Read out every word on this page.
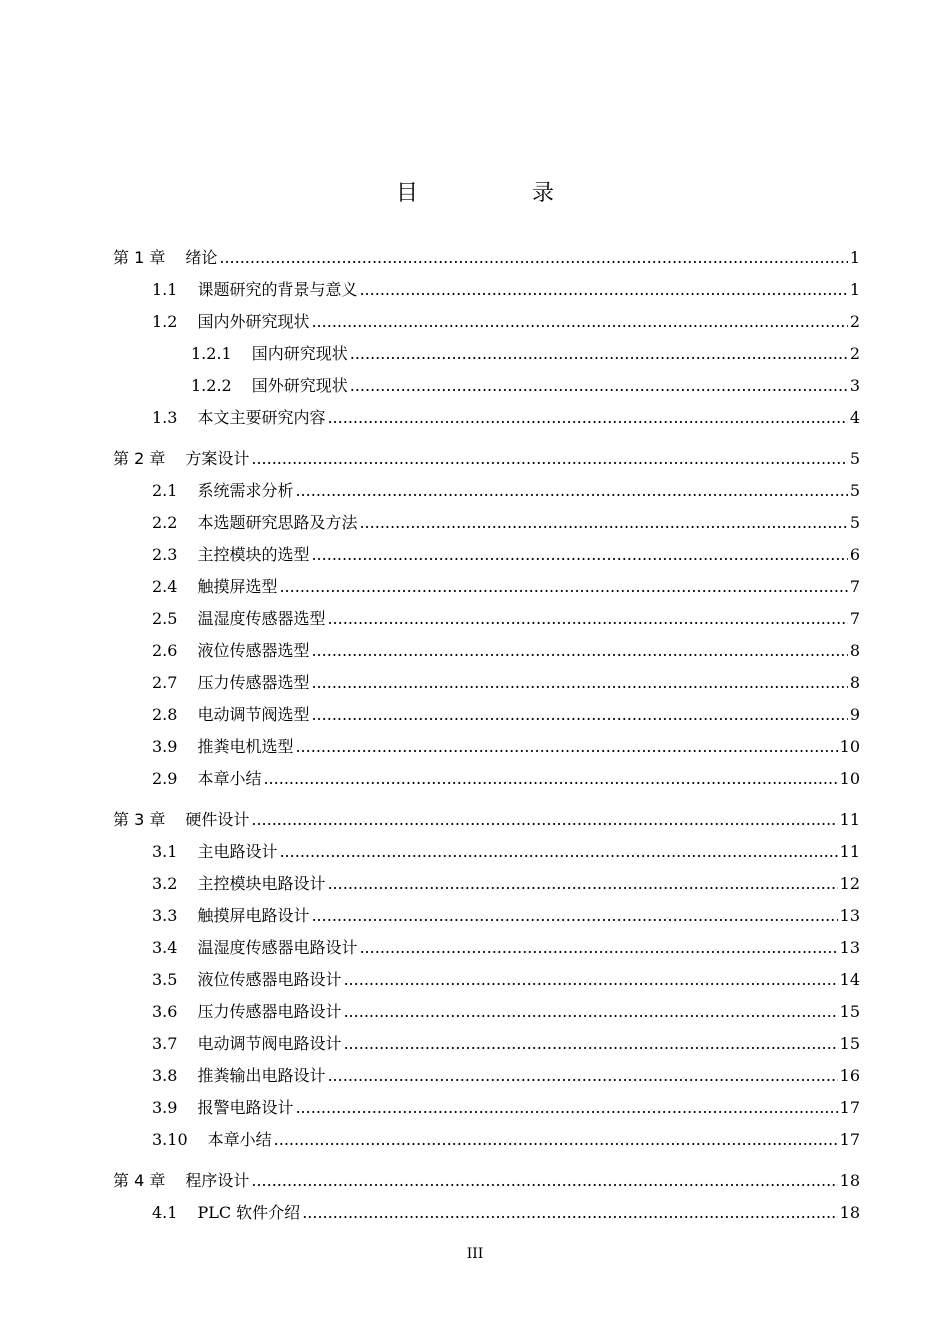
目　录
第 1 章 绪论 .....	1
1.1 课题研究的背景与意义 .....	1
1.2 国内外研究现状 .....	2
1.2.1 国内研究现状 .....	2
1.2.2 国外研究现状 .....	3
1.3 本文主要研究内容 .....	4
第 2 章 方案设计 .....	5
2.1 系统需求分析 .....	5
2.2 本选题研究思路及方法 .....	5
2.3 主控模块的选型 .....	6
2.4 触摸屏选型 .....	7
2.5 温湿度传感器选型 .....	7
2.6 液位传感器选型 .....	8
2.7 压力传感器选型 .....	8
2.8 电动调节阀选型 .....	9
3.9 推粪电机选型 .....	10
2.9 本章小结 .....	10
第 3 章 硬件设计 .....	11
3.1 主电路设计 .....	11
3.2 主控模块电路设计 .....	12
3.3 触摸屏电路设计 .....	13
3.4 温湿度传感器电路设计 .....	13
3.5 液位传感器电路设计 .....	14
3.6 压力传感器电路设计 .....	15
3.7 电动调节阀电路设计 .....	15
3.8 推粪输出电路设计 .....	16
3.9 报警电路设计 .....	17
3.10 本章小结 .....	17
第 4 章 程序设计 .....	18
4.1 PLC 软件介绍 .....	18
III
